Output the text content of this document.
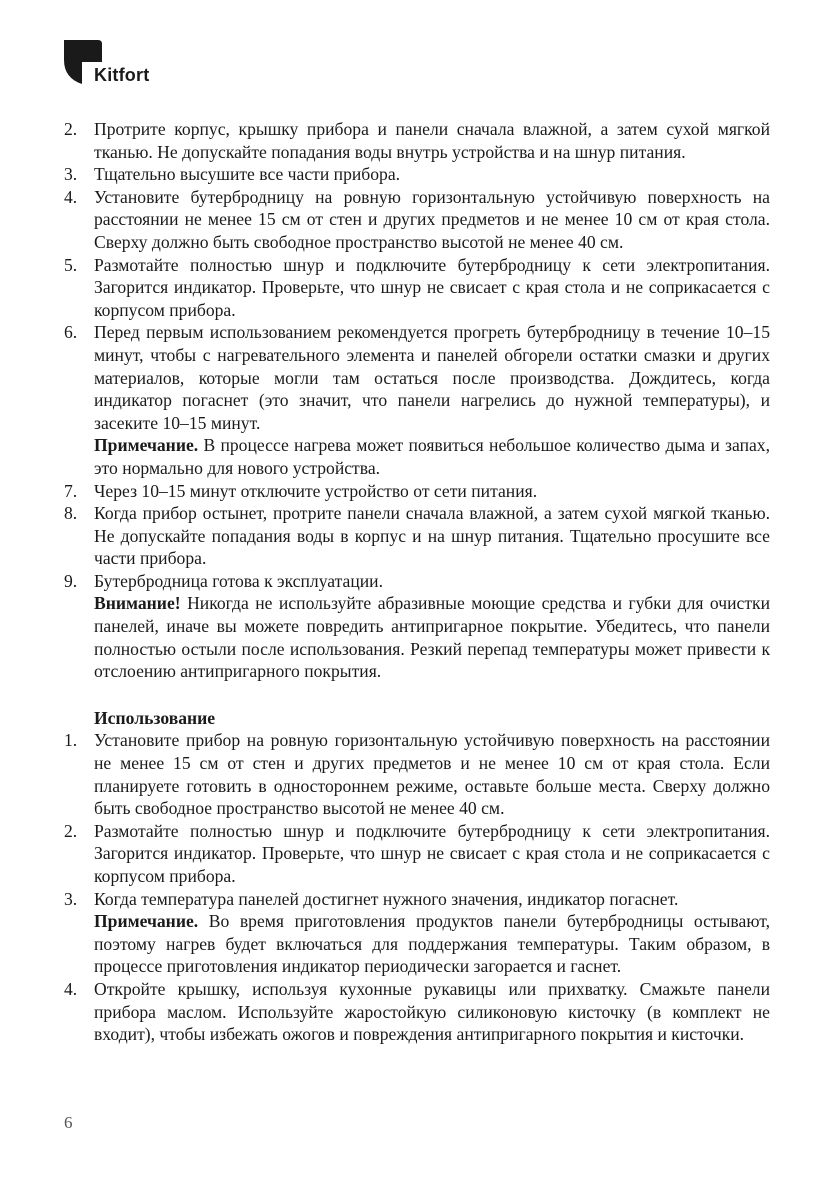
Kitfort
2. Протрите корпус, крышку прибора и панели сначала влажной, а затем сухой мягкой тканью. Не допускайте попадания воды внутрь устройства и на шнур питания.
3. Тщательно высушите все части прибора.
4. Установите бутербродницу на ровную горизонтальную устойчивую поверхность на расстоянии не менее 15 см от стен и других предметов и не менее 10 см от края стола. Сверху должно быть свободное пространство высотой не менее 40 см.
5. Размотайте полностью шнур и подключите бутербродницу к сети электропитания. Загорится индикатор. Проверьте, что шнур не свисает с края стола и не соприкасается с корпусом прибора.
6. Перед первым использованием рекомендуется прогреть бутербродницу в течение 10–15 минут, чтобы с нагревательного элемента и панелей обгорели остатки смазки и других материалов, которые могли там остаться после производства. Дождитесь, когда индикатор погаснет (это значит, что панели нагрелись до нужной температуры), и засеките 10–15 минут.
Примечание. В процессе нагрева может появиться небольшое количество дыма и запах, это нормально для нового устройства.
7. Через 10–15 минут отключите устройство от сети питания.
8. Когда прибор остынет, протрите панели сначала влажной, а затем сухой мягкой тканью. Не допускайте попадания воды в корпус и на шнур питания. Тщательно просушите все части прибора.
9. Бутербродница готова к эксплуатации.
Внимание! Никогда не используйте абразивные моющие средства и губки для очистки панелей, иначе вы можете повредить антипригарное покрытие. Убедитесь, что панели полностью остыли после использования. Резкий перепад температуры может привести к отслоению антипригарного покрытия.
Использование
1. Установите прибор на ровную горизонтальную устойчивую поверхность на расстоянии не менее 15 см от стен и других предметов и не менее 10 см от края стола. Если планируете готовить в одностороннем режиме, оставьте больше места. Сверху должно быть свободное пространство высотой не менее 40 см.
2. Размотайте полностью шнур и подключите бутербродницу к сети электропитания. Загорится индикатор. Проверьте, что шнур не свисает с края стола и не соприкасается с корпусом прибора.
3. Когда температура панелей достигнет нужного значения, индикатор погаснет.
Примечание. Во время приготовления продуктов панели бутербродницы остывают, поэтому нагрев будет включаться для поддержания температуры. Таким образом, в процессе приготовления индикатор периодически загорается и гаснет.
4. Откройте крышку, используя кухонные рукавицы или прихватку. Смажьте панели прибора маслом. Используйте жаростойкую силиконовую кисточку (в комплект не входит), чтобы избежать ожогов и повреждения антипригарного покрытия и кисточки.
6
